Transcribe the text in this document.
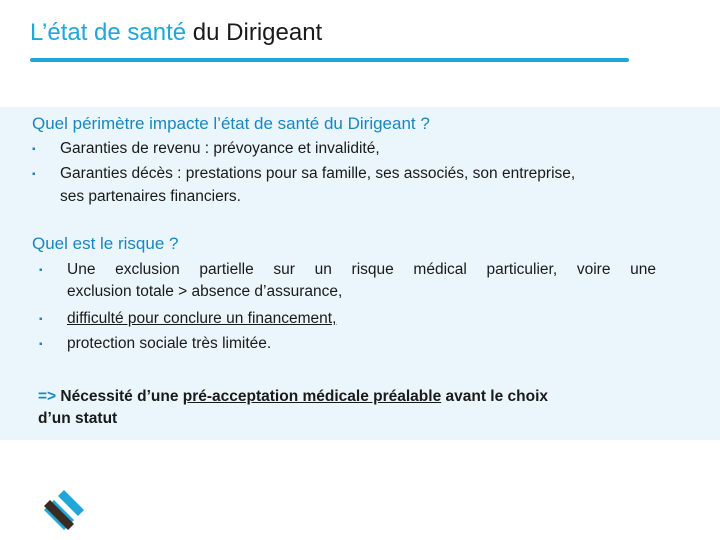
L’état de santé du Dirigeant
Quel périmètre impacte l’état de santé du Dirigeant ?
▪ Garanties de revenu : prévoyance et invalidité,
▪ Garanties décès : prestations pour sa famille, ses associés, son entreprise,
ses partenaires financiers.
Quel est le risque ?
▪ Une exclusion partielle sur un risque médical particulier, voire une
exclusion totale > absence d’assurance,
▪ difficulté pour conclure un financement,
▪ protection sociale très limitée.
=> Nécessité d’une pré-acceptation médicale préalable avant le choix
d’un statut
